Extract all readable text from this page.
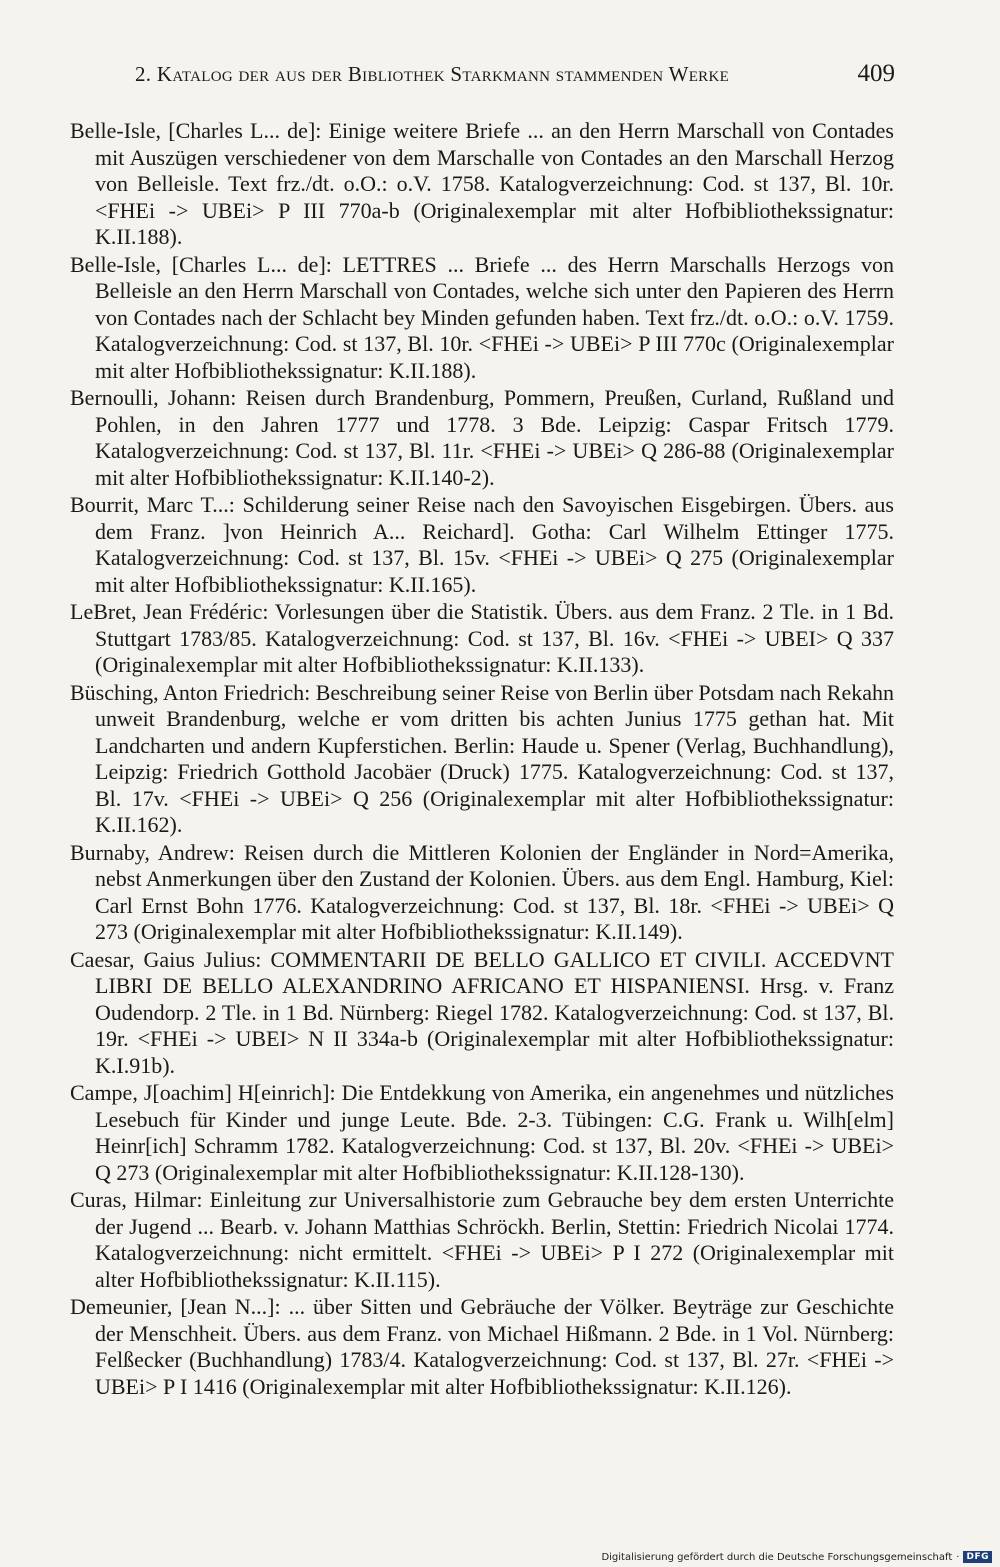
2. Katalog der aus der Bibliothek Starkmann stammenden Werke	409
Belle-Isle, [Charles L... de]: Einige weitere Briefe ... an den Herrn Marschall von Contades mit Auszügen verschiedener von dem Marschalle von Contades an den Marschall Herzog von Belleisle. Text frz./dt. o.O.: o.V. 1758. Katalogverzeichnung: Cod. st 137, Bl. 10r. <FHEi -> UBEi> P III 770a-b (Originalexemplar mit alter Hofbibliothekssignatur: K.II.188).
Belle-Isle, [Charles L... de]: LETTRES ... Briefe ... des Herrn Marschalls Herzogs von Belleisle an den Herrn Marschall von Contades, welche sich unter den Papieren des Herrn von Contades nach der Schlacht bey Minden gefunden haben. Text frz./dt. o.O.: o.V. 1759. Katalogverzeichnung: Cod. st 137, Bl. 10r. <FHEi -> UBEi> P III 770c (Originalexemplar mit alter Hofbibliothekssignatur: K.II.188).
Bernoulli, Johann: Reisen durch Brandenburg, Pommern, Preußen, Curland, Rußland und Pohlen, in den Jahren 1777 und 1778. 3 Bde. Leipzig: Caspar Fritsch 1779. Katalogverzeichnung: Cod. st 137, Bl. 11r. <FHEi -> UBEi> Q 286-88 (Originalexemplar mit alter Hofbibliothekssignatur: K.II.140-2).
Bourrit, Marc T...: Schilderung seiner Reise nach den Savoyischen Eisgebirgen. Übers. aus dem Franz. ]von Heinrich A... Reichard]. Gotha: Carl Wilhelm Ettinger 1775. Katalogverzeichnung: Cod. st 137, Bl. 15v. <FHEi -> UBEi> Q 275 (Originalexemplar mit alter Hofbibliothekssignatur: K.II.165).
LeBret, Jean Frédéric: Vorlesungen über die Statistik. Übers. aus dem Franz. 2 Tle. in 1 Bd. Stuttgart 1783/85. Katalogverzeichnung: Cod. st 137, Bl. 16v. <FHEi -> UBEI> Q 337 (Originalexemplar mit alter Hofbibliothekssignatur: K.II.133).
Büsching, Anton Friedrich: Beschreibung seiner Reise von Berlin über Potsdam nach Rekahn unweit Brandenburg, welche er vom dritten bis achten Junius 1775 gethan hat. Mit Landcharten und andern Kupferstichen. Berlin: Haude u. Spener (Verlag, Buchhandlung), Leipzig: Friedrich Gotthold Jacobäer (Druck) 1775. Katalogverzeichnung: Cod. st 137, Bl. 17v. <FHEi -> UBEi> Q 256 (Originalexemplar mit alter Hofbibliothekssignatur: K.II.162).
Burnaby, Andrew: Reisen durch die Mittleren Kolonien der Engländer in Nord=Amerika, nebst Anmerkungen über den Zustand der Kolonien. Übers. aus dem Engl. Hamburg, Kiel: Carl Ernst Bohn 1776. Katalogverzeichnung: Cod. st 137, Bl. 18r. <FHEi -> UBEi> Q 273 (Originalexemplar mit alter Hofbibliothekssignatur: K.II.149).
Caesar, Gaius Julius: COMMENTARII DE BELLO GALLICO ET CIVILI. ACCEDVNT LIBRI DE BELLO ALEXANDRINO AFRICANO ET HISPANIENSI. Hrsg. v. Franz Oudendorp. 2 Tle. in 1 Bd. Nürnberg: Riegel 1782. Katalogverzeichnung: Cod. st 137, Bl. 19r. <FHEi -> UBEI> N II 334a-b (Originalexemplar mit alter Hofbibliothekssignatur: K.I.91b).
Campe, J[oachim] H[einrich]: Die Entdekkung von Amerika, ein angenehmes und nützliches Lesebuch für Kinder und junge Leute. Bde. 2-3. Tübingen: C.G. Frank u. Wilh[elm] Heinr[ich] Schramm 1782. Katalogverzeichnung: Cod. st 137, Bl. 20v. <FHEi -> UBEi> Q 273 (Originalexemplar mit alter Hofbibliothekssignatur: K.II.128-130).
Curas, Hilmar: Einleitung zur Universalhistorie zum Gebrauche bey dem ersten Unterrichte der Jugend ... Bearb. v. Johann Matthias Schröckh. Berlin, Stettin: Friedrich Nicolai 1774. Katalogverzeichnung: nicht ermittelt. <FHEi -> UBEi> P I 272 (Originalexemplar mit alter Hofbibliothekssignatur: K.II.115).
Demeunier, [Jean N...]: ... über Sitten und Gebräuche der Völker. Beyträge zur Geschichte der Menschheit. Übers. aus dem Franz. von Michael Hißmann. 2 Bde. in 1 Vol. Nürnberg: Felßecker (Buchhandlung) 1783/4. Katalogverzeichnung: Cod. st 137, Bl. 27r. <FHEi -> UBEi> P I 1416 (Originalexemplar mit alter Hofbibliothekssignatur: K.II.126).
Digitalisierung gefördert durch die Deutsche Forschungsgemeinschaft · DFG
